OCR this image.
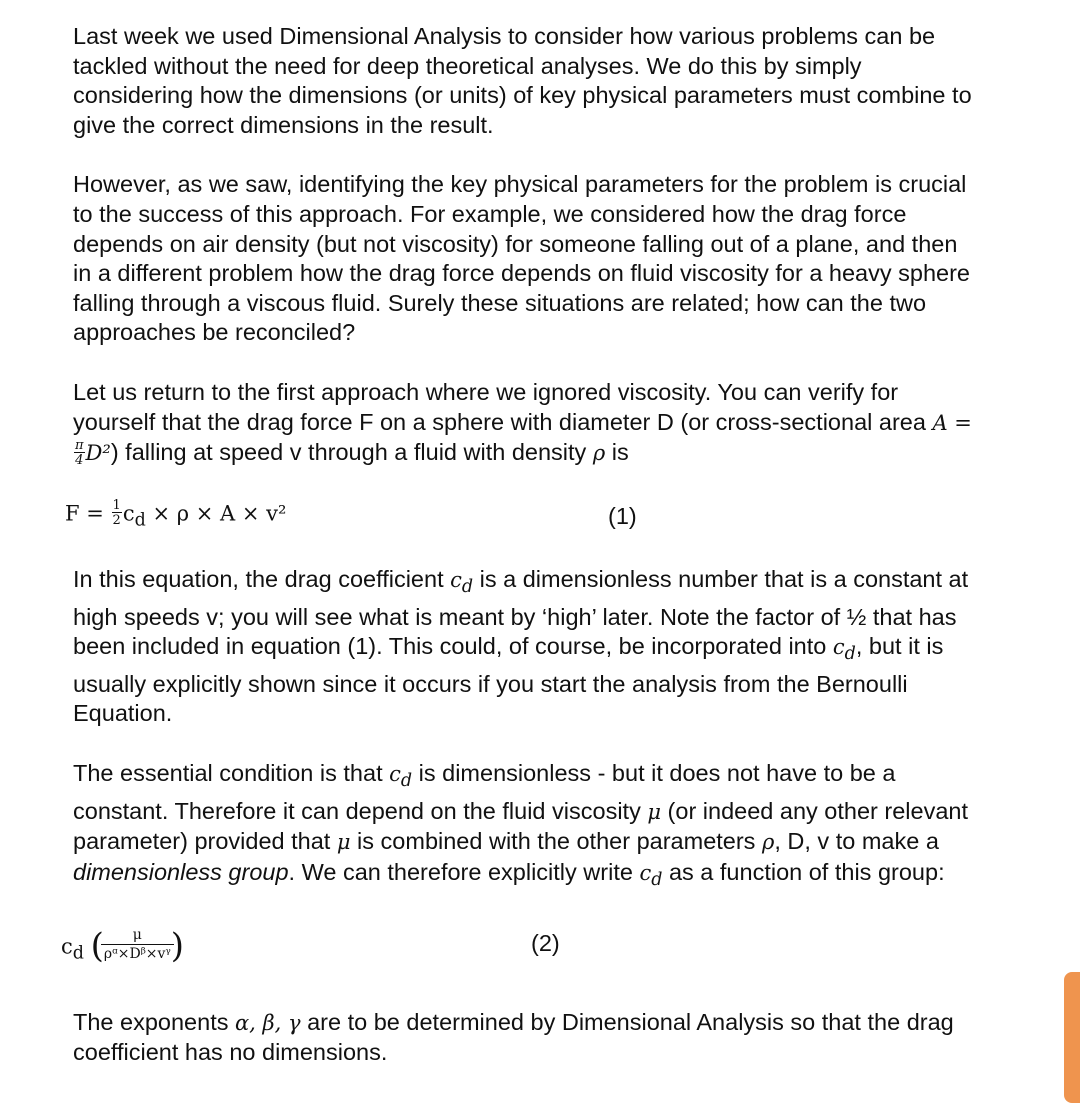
Last week we used Dimensional Analysis to consider how various problems can be tackled without the need for deep theoretical analyses. We do this by simply considering how the dimensions (or units) of key physical parameters must combine to give the correct dimensions in the result.

However, as we saw, identifying the key physical parameters for the problem is crucial to the success of this approach. For example, we considered how the drag force depends on air density (but not viscosity) for someone falling out of a plane, and then in a different problem how the drag force depends on fluid viscosity for a heavy sphere falling through a viscous fluid. Surely these situations are related; how can the two approaches be reconciled?

Let us return to the first approach where we ignored viscosity. You can verify for yourself that the drag force F on a sphere with diameter D (or cross-sectional area A =
$\frac{\pi}{4} D^2$) falling at speed v through a fluid with density ρ is

$F = \frac{1}{2} c_d \times \rho \times A \times v^2$	(1)

In this equation, the drag coefficient $c_d$ is a dimensionless number that is a constant at high speeds v; you will see what is meant by ‘high’ later. Note the factor of ½ that has been included in equation (1). This could, of course, be incorporated into $c_d$, but it is usually explicitly shown since it occurs if you start the analysis from the Bernoulli Equation.

The essential condition is that $c_d$ is dimensionless - but it does not have to be a constant. Therefore it can depend on the fluid viscosity μ (or indeed any other relevant parameter) provided that μ is combined with the other parameters ρ, D, v to make a dimensionless group. We can therefore explicitly write $c_d$ as a function of this group:

$c_d$ ( $\frac{\mu}{\text{ρᵅ×Dᵝ×vᵞ}}$ )	(2)

The exponents α, β, γ are to be determined by Dimensional Analysis so that the drag coefficient has no dimensions.
